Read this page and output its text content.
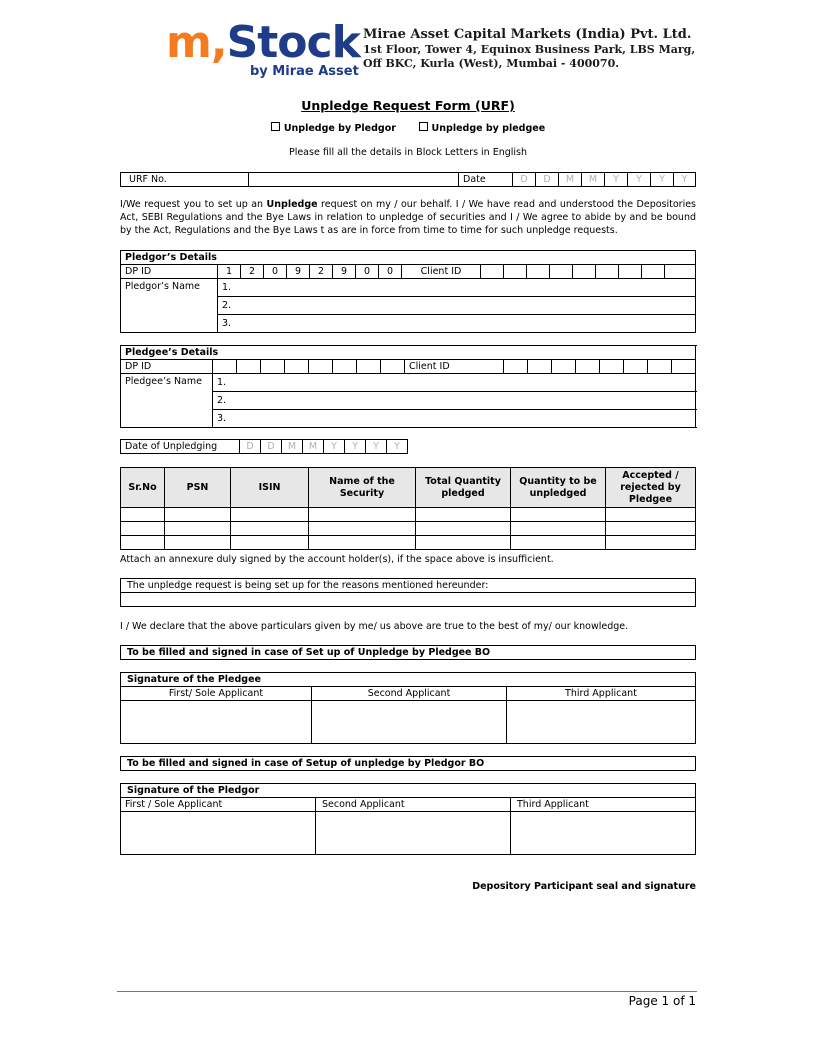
m,Stock
by Mirae Asset
Mirae Asset Capital Markets (India) Pvt. Ltd.
1st Floor, Tower 4, Equinox Business Park, LBS Marg,
Off BKC, Kurla (West), Mumbai - 400070.
Unpledge Request Form (URF)
Unpledge by Pledgor	Unpledge by pledgee
Please fill all the details in Block Letters in English
URF No.		Date	D	D	M	M	Y	Y	Y	Y
I/We request you to set up an Unpledge request on my / our behalf. I / We have read and understood the Depositories Act, SEBI Regulations and the Bye Laws in relation to unpledge of securities and I / We agree to abide by and be bound by the Act, Regulations and the Bye Laws t as are in force from time to time for such unpledge requests.
Pledgor’s Details																		
DP ID	1	2	0	9	2	9	0	0	Client ID									
Pledgor’s Name	1.																	
	2.																	
	3.																	
Pledgee’s Details																		
DP ID									Client ID									
Pledgee’s Name	1.																	
	2.																	
	3.																	
Date of Unpledging	D	D	M	M	Y	Y	Y	Y
Sr.No	PSN	ISIN	Name of the Security	Total Quantity pledged	Quantity to be unpledged	Accepted / rejected by Pledgee

Attach an annexure duly signed by the account holder(s), if the space above is insufficient.
The unpledge request is being set up for the reasons mentioned hereunder:

I / We declare that the above particulars given by me/ us above are true to the best of my/ our knowledge.
To be filled and signed in case of Set up of Unpledge by Pledgee BO
Signature of the Pledgee		
First/ Sole Applicant	Second Applicant	Third Applicant

To be filled and signed in case of Setup of unpledge by Pledgor BO
Signature of the Pledgor		
First / Sole Applicant	Second Applicant	Third Applicant

Depository Participant seal and signature
Page 1 of 1
